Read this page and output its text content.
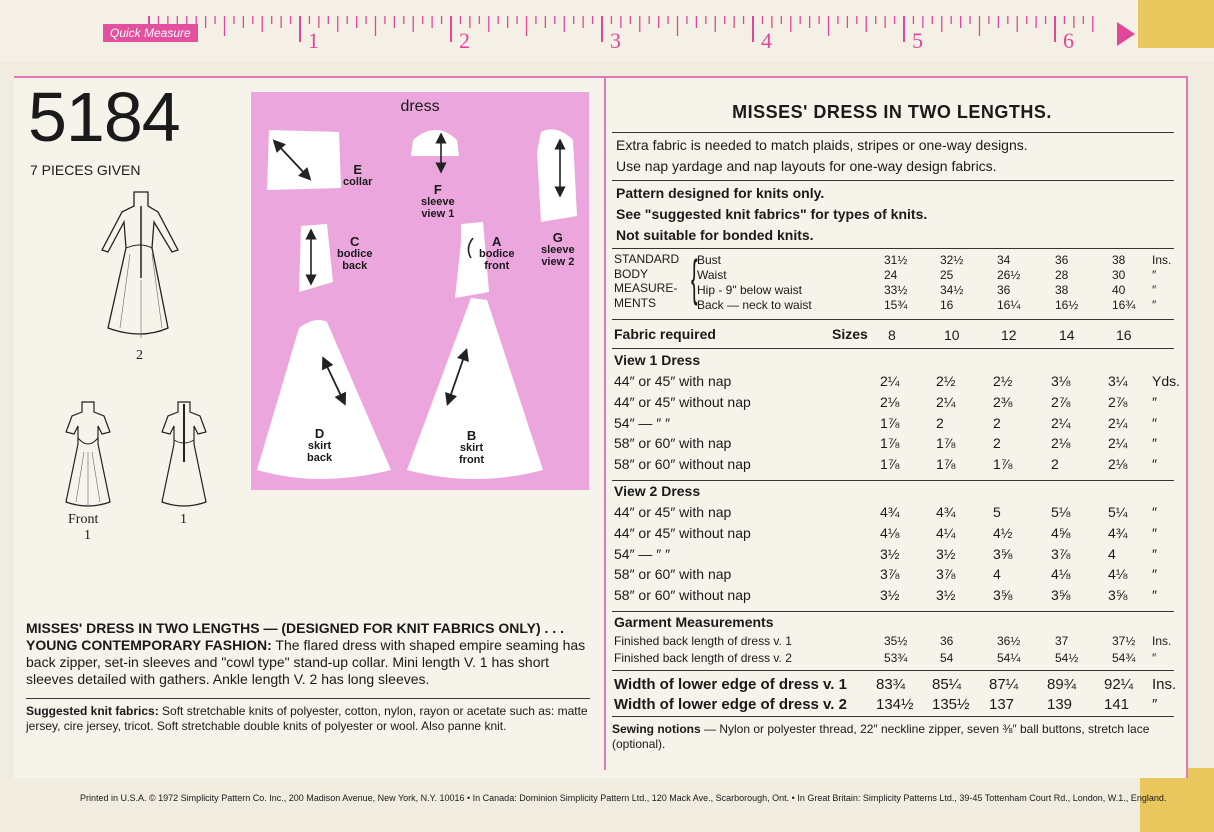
1	2	3	4	5	6
Quick Measure
5184
7 PIECES GIVEN
2
Front
1
1
dress
E
collar	F
sleeve
view 1
G
sleeve
view 2
C
bodice
back
A
bodice
front
D
skirt
back
B
skirt
front
MISSES' DRESS IN TWO LENGTHS — (DESIGNED FOR KNIT FABRICS ONLY) . . .
YOUNG CONTEMPORARY FASHION: The flared dress with shaped empire seaming has back zipper, set-in sleeves and "cowl type" stand-up collar. Mini length V. 1 has short sleeves detailed with gathers. Ankle length V. 2 has long sleeves.
Suggested knit fabrics: Soft stretchable knits of polyester, cotton, nylon, rayon or acetate such as: matte jersey, cire jersey, tricot. Soft stretchable double knits of polyester or wool. Also panne knit.
MISSES' DRESS IN TWO LENGTHS.
Extra fabric is needed to match plaids, stripes or one-way designs.
Use nap yardage and nap layouts for one-way design fabrics.
Pattern designed for knits only.
See "suggested knit fabrics" for types of knits.
Not suitable for bonded knits.
STANDARD
BODY
MEASURE-
MENTS { Bust	31½	32½	34	36	38 Ins.
Waist	24	25	26½	28	30 ″
Hip - 9" below waist	33½	34½	36	38	40 ″
Back — neck to waist	15¾	16	16¼	16½	16¾ ″
8	10	12	14	16
View 1 Dress
44″ or 45″ with nap	2¼	2½	2½	3⅛	3¼ Yds.
44″ or 45″ without nap	2⅛	2¼	2⅜	2⅞	2⅞ ″
54″ — ″ ″	1⅞	2	2	2¼	2¼ ″
58″ or 60″ with nap	1⅞	1⅞	2	2⅛	2¼ ″
58″ or 60″ without nap	1⅞	1⅞	1⅞	2	2⅛ ″
View 2 Dress
44″ or 45″ with nap	4¾	4¾	5	5⅛	5¼ ″
44″ or 45″ without nap	4⅛	4¼	4½	4⅝	4¾ ″
54″ — ″ ″	3½	3½	3⅝	3⅞	4	″
58″ or 60″ with nap	3⅞	3⅞	4	4⅛	4⅛ ″
58″ or 60″ without nap	3½	3½	3⅝	3⅝	3⅝ ″
Garment Measurements
Finished back length of dress v. 1	35½	36	36½	37	37½ Ins.
Finished back length of dress v. 2	53¾	54	54¼	54½	54¾ ″
Width of lower edge of dress v. 1 83¾ 85¼ 87¼ 89¾ 92¼ Ins.
Width of lower edge of dress v. 2 134½ 135½ 137 139 141 ″
Fabric required	Sizes
Sewing notions — Nylon or polyester thread, 22″ neckline zipper, seven ⅜″ ball buttons, stretch lace (optional).
Printed in U.S.A. © 1972 Simplicity Pattern Co. Inc., 200 Madison Avenue, New York, N.Y. 10016 • In Canada: Dominion Simplicity Pattern Ltd., 120 Mack Ave., Scarborough, Ont. • In Great Britain: Simplicity Patterns Ltd., 39-45 Tottenham Court Rd., London, W.1., England.
